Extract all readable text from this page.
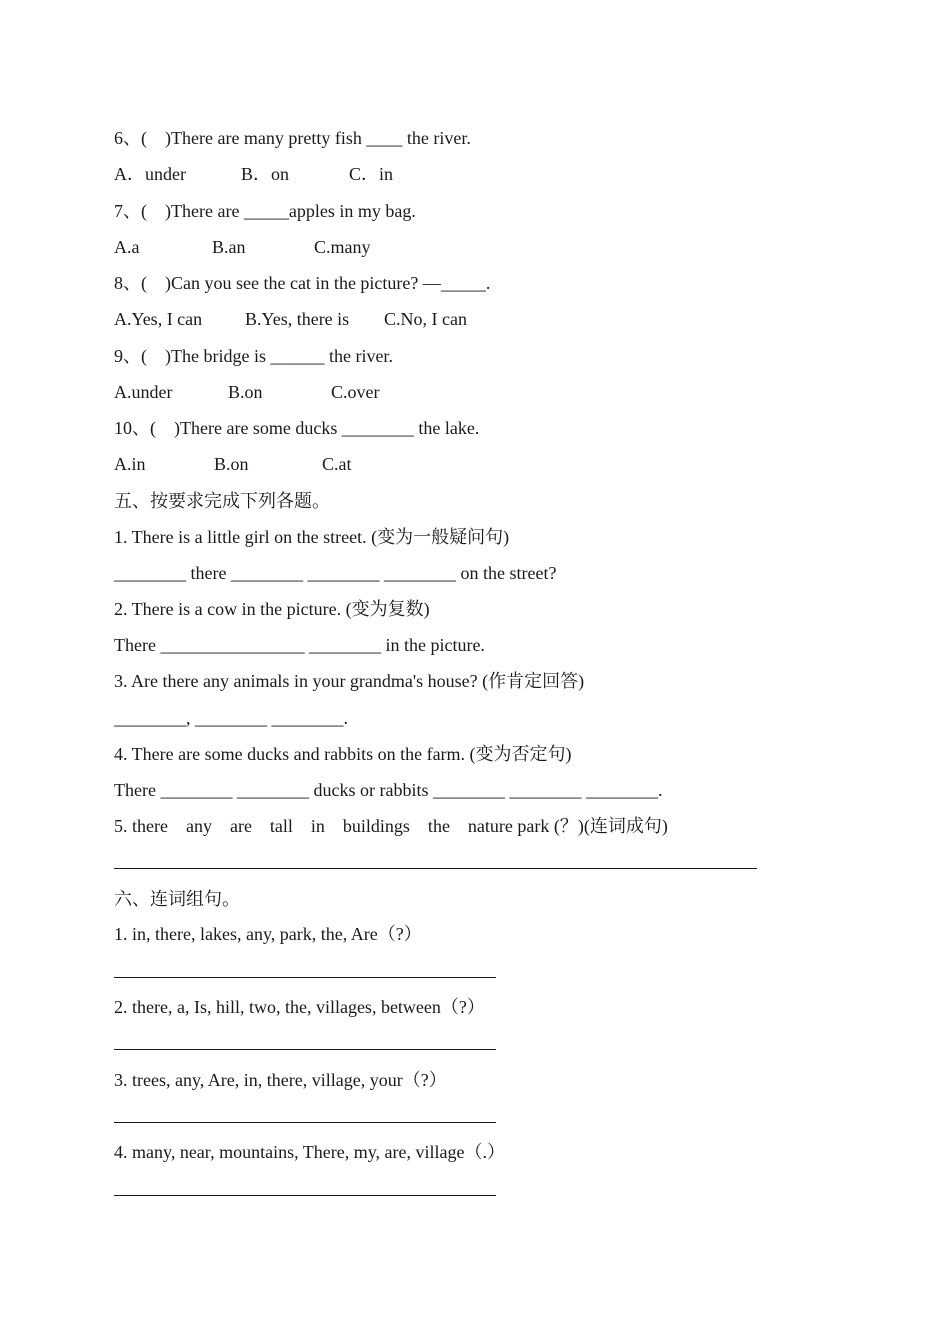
6、(    )There are many pretty fish ____ the river.

A．under

	B．on

	C．in

7、(    )There are _____apples in my bag.

A.a

	B.an

	C.many

8、(    )Can you see the cat in the picture? —_____.

A.Yes, I can

B.Yes, there is

C.No, I can

9、(    )The bridge is ______ the river.

A.under

	B.on

	C.over

10、(    )There are some ducks ________ the lake.

A.in

	B.on

	C.at

五、按要求完成下列各题。
1. There is a little girl on the street. (变为一般疑问句)
________ there ________ ________ ________ on the street?
2. There is a cow in the picture. (变为复数)
There ________________ ________ in the picture.
3. Are there any animals in your grandma's house? (作肯定回答)
________, ________ ________.
4. There are some ducks and rabbits on the farm. (变为否定句)
There ________ ________ ducks or rabbits ________ ________ ________.
5. there    any    are    tall    in    buildings    the    nature park (？)(连词成句)
六、连词组句。
1. in, there, lakes, any, park, the, Are（?）
2. there, a, Is, hill, two, the, villages, between（?）
3. trees, any, Are, in, there, village, your（?）
4. many, near, mountains, There, my, are, village（.）
